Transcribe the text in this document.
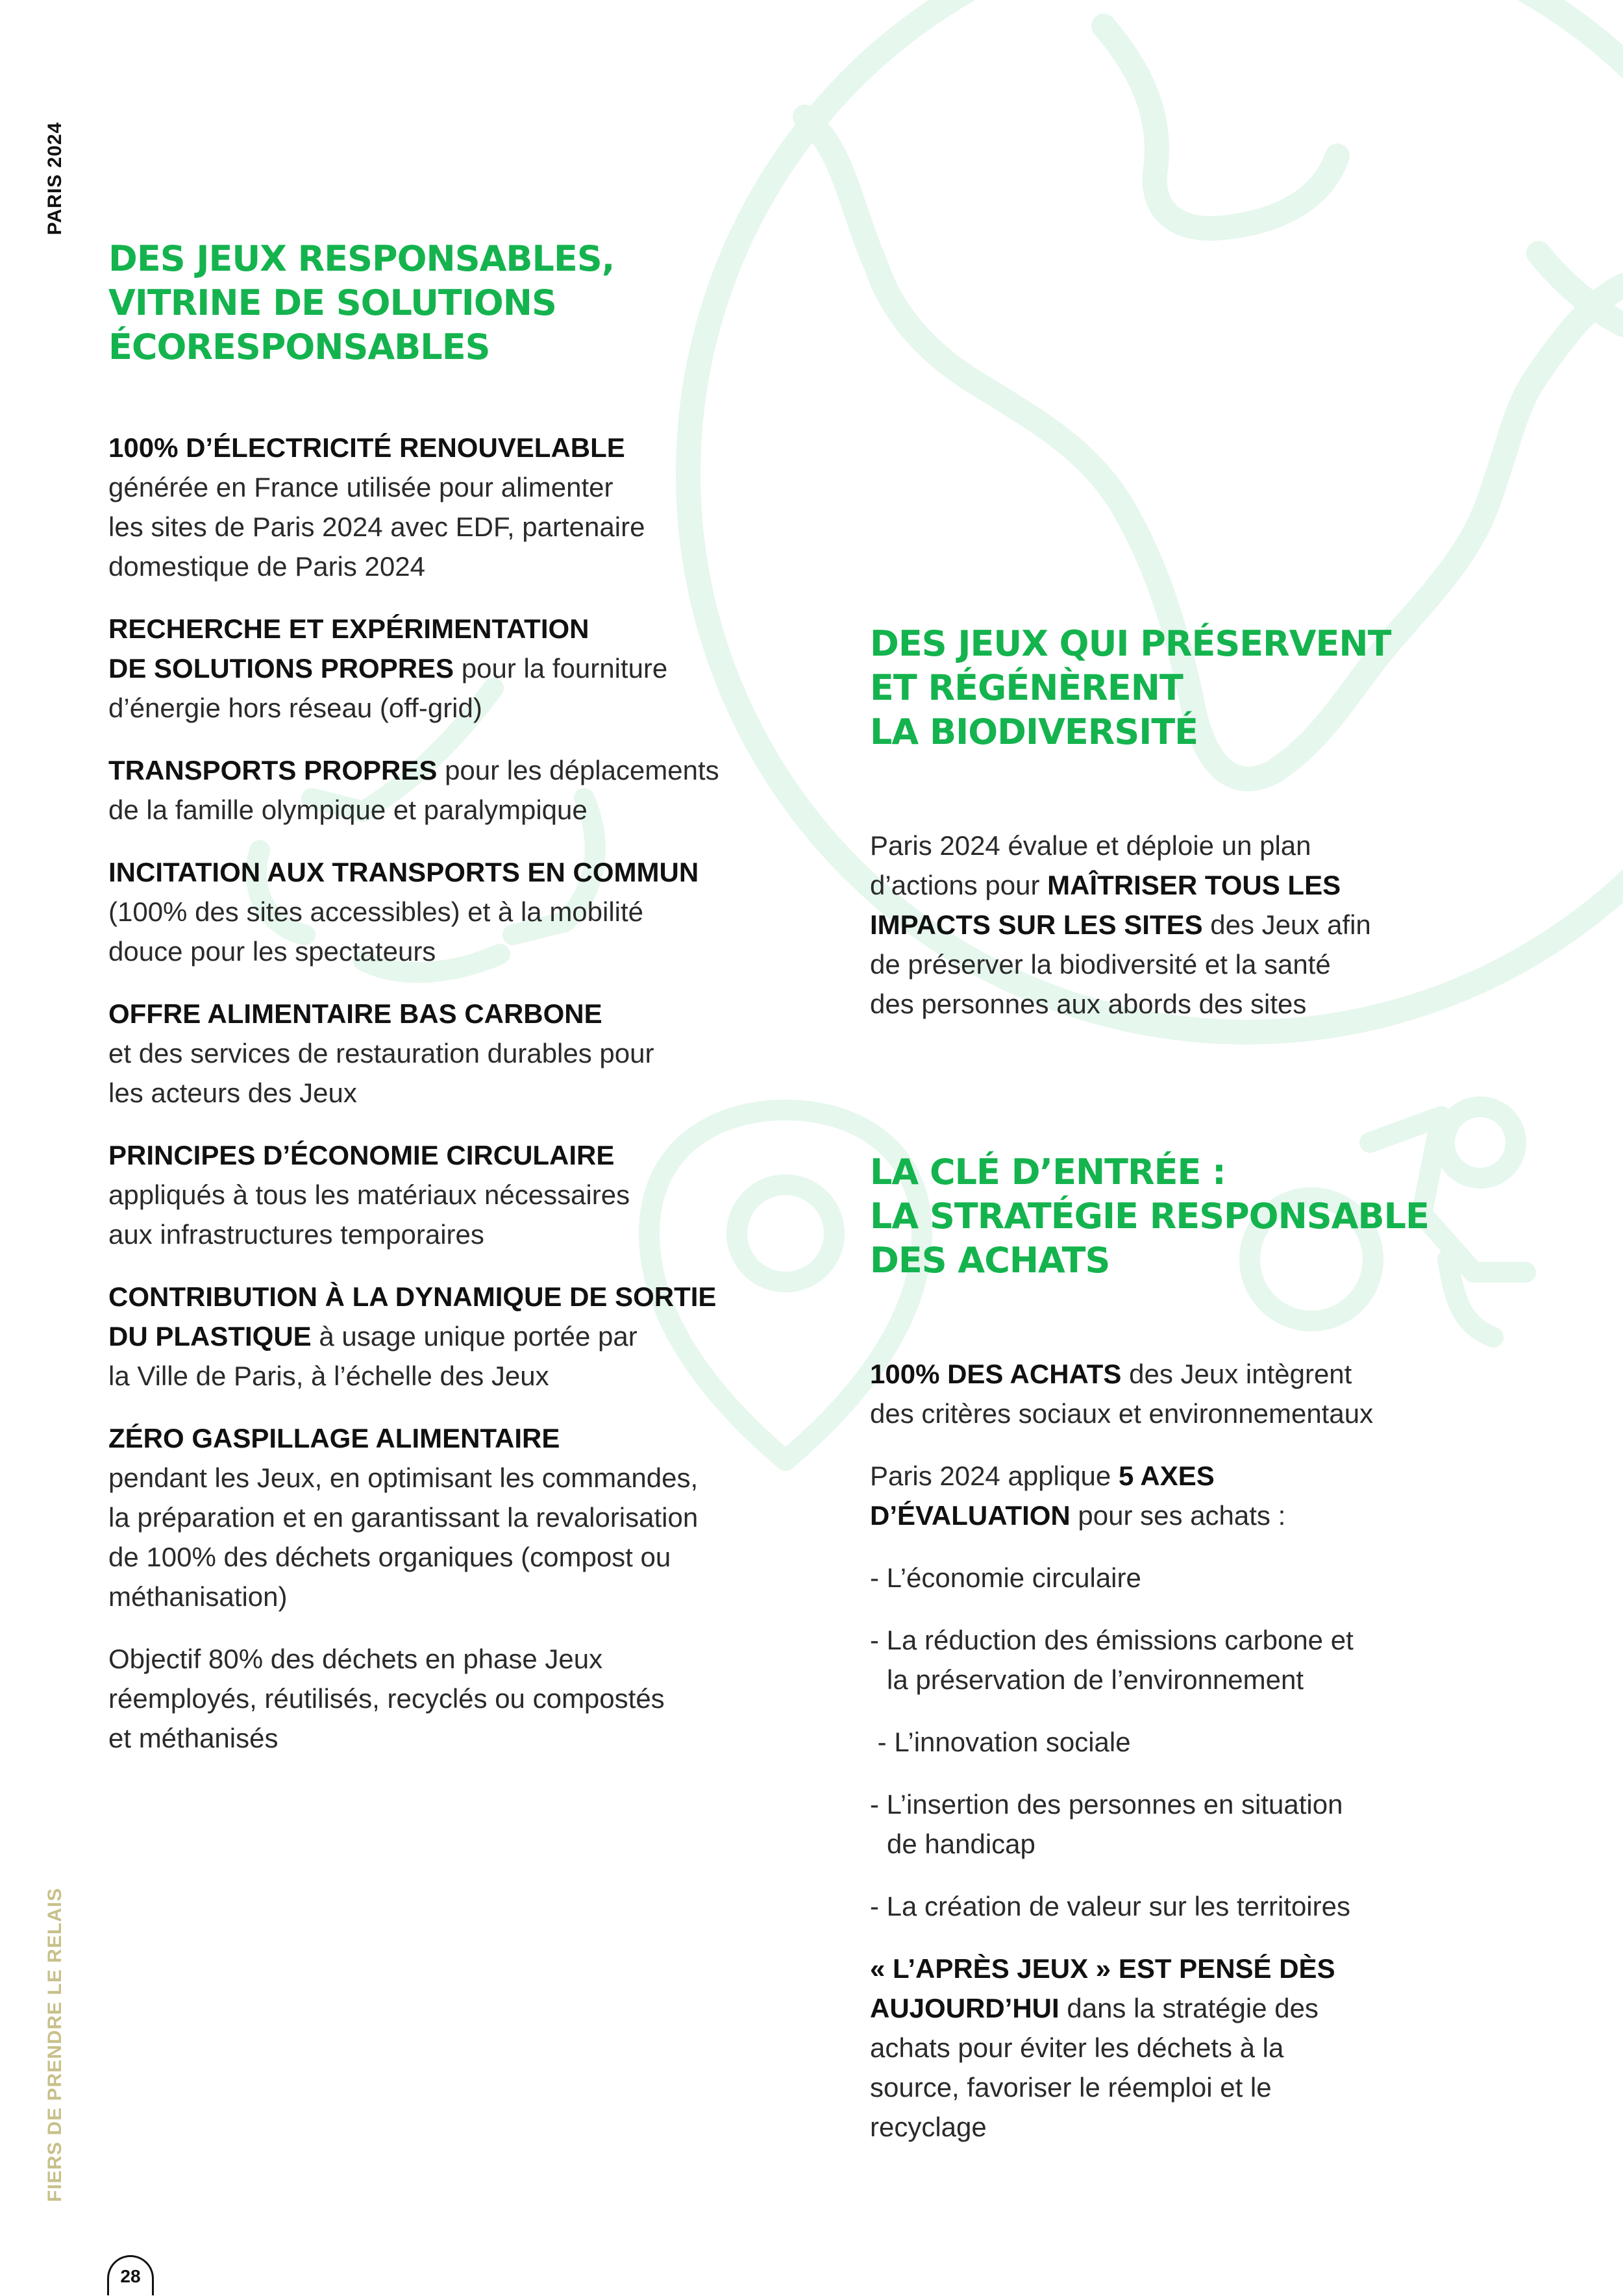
PARIS 2024
FIERS DE PRENDRE LE RELAIS
28
DES JEUX RESPONSABLES,
VITRINE DE SOLUTIONS
ÉCORESPONSABLES

100% D’ÉLECTRICITÉ RENOUVELABLE
générée en France utilisée pour alimenter
les sites de Paris 2024 avec EDF, partenaire
domestique de Paris 2024

RECHERCHE ET EXPÉRIMENTATION
DE SOLUTIONS PROPRES pour la fourniture
d’énergie hors réseau (off-grid)

TRANSPORTS PROPRES pour les déplacements
de la famille olympique et paralympique

INCITATION AUX TRANSPORTS EN COMMUN
(100% des sites accessibles) et à la mobilité
douce pour les spectateurs

OFFRE ALIMENTAIRE BAS CARBONE
et des services de restauration durables pour
les acteurs des Jeux

PRINCIPES D’ÉCONOMIE CIRCULAIRE
appliqués à tous les matériaux nécessaires
aux infrastructures temporaires

CONTRIBUTION À LA DYNAMIQUE DE SORTIE
DU PLASTIQUE à usage unique portée par
la Ville de Paris, à l’échelle des Jeux

ZÉRO GASPILLAGE ALIMENTAIRE
pendant les Jeux, en optimisant les commandes,
la préparation et en garantissant la revalorisation
de 100% des déchets organiques (compost ou
méthanisation)

Objectif 80% des déchets en phase Jeux
réemployés, réutilisés, recyclés ou compostés
et méthanisés

DES JEUX QUI PRÉSERVENT
ET RÉGÉNÈRENT
LA BIODIVERSITÉ

Paris 2024 évalue et déploie un plan
d’actions pour MAÎTRISER TOUS LES
IMPACTS SUR LES SITES des Jeux afin
de préserver la biodiversité et la santé
des personnes aux abords des sites

LA CLÉ D’ENTRÉE :
LA STRATÉGIE RESPONSABLE
DES ACHATS

100% DES ACHATS des Jeux intègrent
des critères sociaux et environnementaux

Paris 2024 applique 5 AXES
D’ÉVALUATION pour ses achats :

- L’économie circulaire

- La réduction des émissions carbone et
la préservation de l’environnement

- L’innovation sociale

- L’insertion des personnes en situation
de handicap

- La création de valeur sur les territoires

« L’APRÈS JEUX » EST PENSÉ DÈS
AUJOURD’HUI dans la stratégie des
achats pour éviter les déchets à la
source, favoriser le réemploi et le
recyclage
